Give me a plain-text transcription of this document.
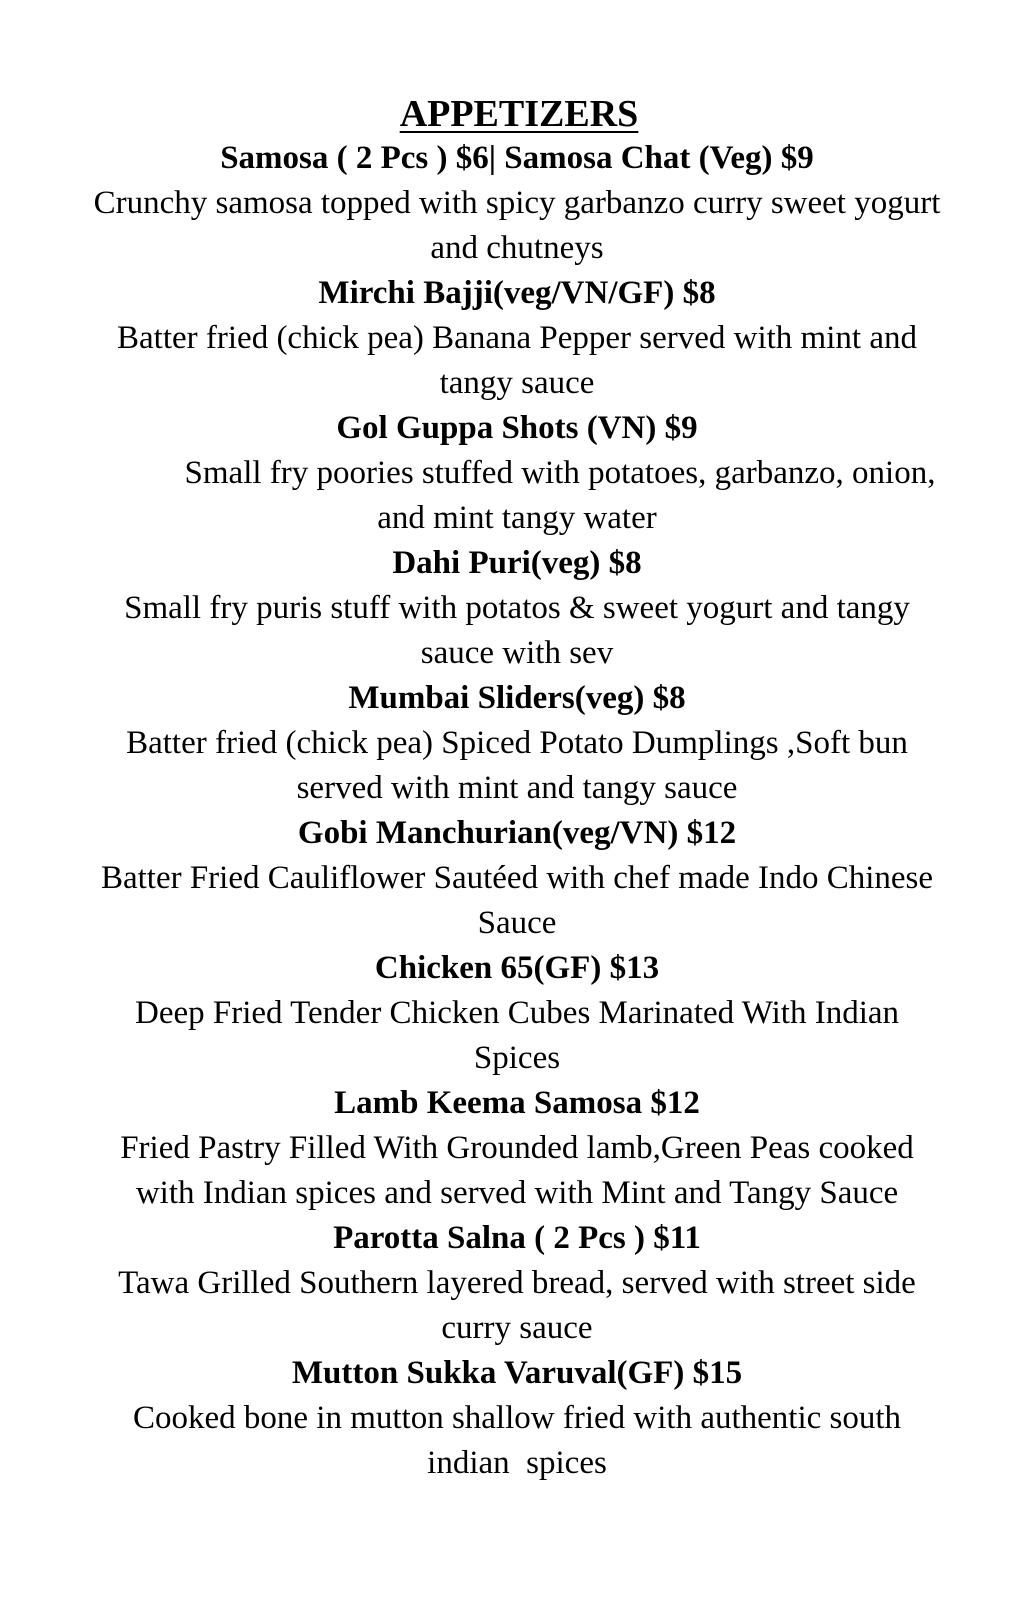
APPETIZERS
Samosa ( 2 Pcs ) $6| Samosa Chat (Veg) $9
Crunchy samosa topped with spicy garbanzo curry sweet yogurt
and chutneys
Mirchi Bajji(veg/VN/GF) $8
Batter fried (chick pea) Banana Pepper served with mint and
tangy sauce
Gol Guppa Shots (VN) $9
Small fry poories stuffed with potatoes, garbanzo, onion,
and mint tangy water
Dahi Puri(veg) $8
Small fry puris stuff with potatos & sweet yogurt and tangy
sauce with sev
Mumbai Sliders(veg) $8
Batter fried (chick pea) Spiced Potato Dumplings ,Soft bun
served with mint and tangy sauce
Gobi Manchurian(veg/VN) $12
Batter Fried Cauliflower Sautéed with chef made Indo Chinese
Sauce
Chicken 65(GF) $13
Deep Fried Tender Chicken Cubes Marinated With Indian
Spices
Lamb Keema Samosa $12
Fried Pastry Filled With Grounded lamb,Green Peas cooked
with Indian spices and served with Mint and Tangy Sauce
Parotta Salna ( 2 Pcs ) $11
Tawa Grilled Southern layered bread, served with street side
curry sauce
Mutton Sukka Varuval(GF) $15
Cooked bone in mutton shallow fried with authentic south
indian  spices
